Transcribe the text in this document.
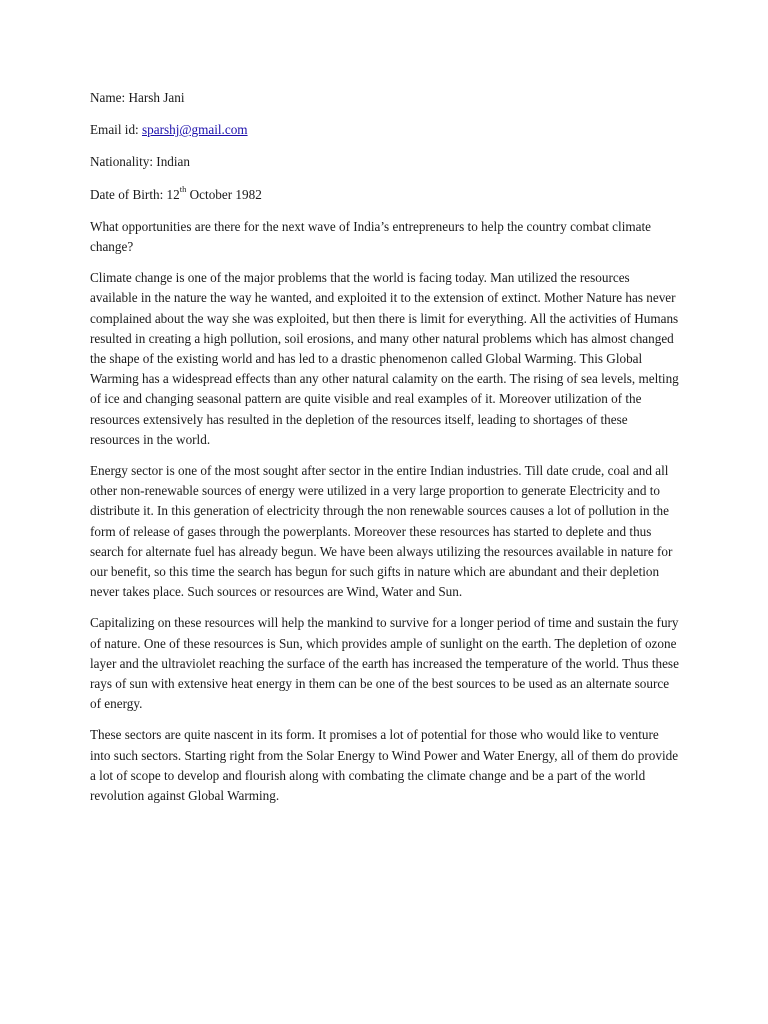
Name: Harsh Jani

Email id: sparshj@gmail.com

Nationality: Indian

Date of Birth: 12th October 1982

What opportunities are there for the next wave of India’s entrepreneurs to help the country combat climate change?

Climate change is one of the major problems that the world is facing today. Man utilized the resources available in the nature the way he wanted, and exploited it to the extension of extinct. Mother Nature has never complained about the way she was exploited, but then there is limit for everything. All the activities of Humans resulted in creating a high pollution, soil erosions, and many other natural problems which has almost changed the shape of the existing world and has led to a drastic phenomenon called Global Warming. This Global Warming has a widespread effects than any other natural calamity on the earth. The rising of sea levels, melting of ice and changing seasonal pattern are quite visible and real examples of it. Moreover utilization of the resources extensively has resulted in the depletion of the resources itself, leading to shortages of these resources in the world.

Energy sector is one of the most sought after sector in the entire Indian industries. Till date crude, coal and all other non-renewable sources of energy were utilized in a very large proportion to generate Electricity and to distribute it. In this generation of electricity through the non renewable sources causes a lot of pollution in the form of release of gases through the powerplants. Moreover these resources has started to deplete and thus search for alternate fuel has already begun. We have been always utilizing the resources available in nature for our benefit, so this time the search has begun for such gifts in nature which are abundant and their depletion never takes place. Such sources or resources are Wind, Water and Sun.

Capitalizing on these resources will help the mankind to survive for a longer period of time and sustain the fury of nature. One of these resources is Sun, which provides ample of sunlight on the earth. The depletion of ozone layer and the ultraviolet reaching the surface of the earth has increased the temperature of the world. Thus these rays of sun with extensive heat energy in them can be one of the best sources to be used as an alternate source of energy.

These sectors are quite nascent in its form. It promises a lot of potential for those who would like to venture into such sectors. Starting right from the Solar Energy to Wind Power and Water Energy, all of them do provide a lot of scope to develop and flourish along with combating the climate change and be a part of the world revolution against Global Warming.
